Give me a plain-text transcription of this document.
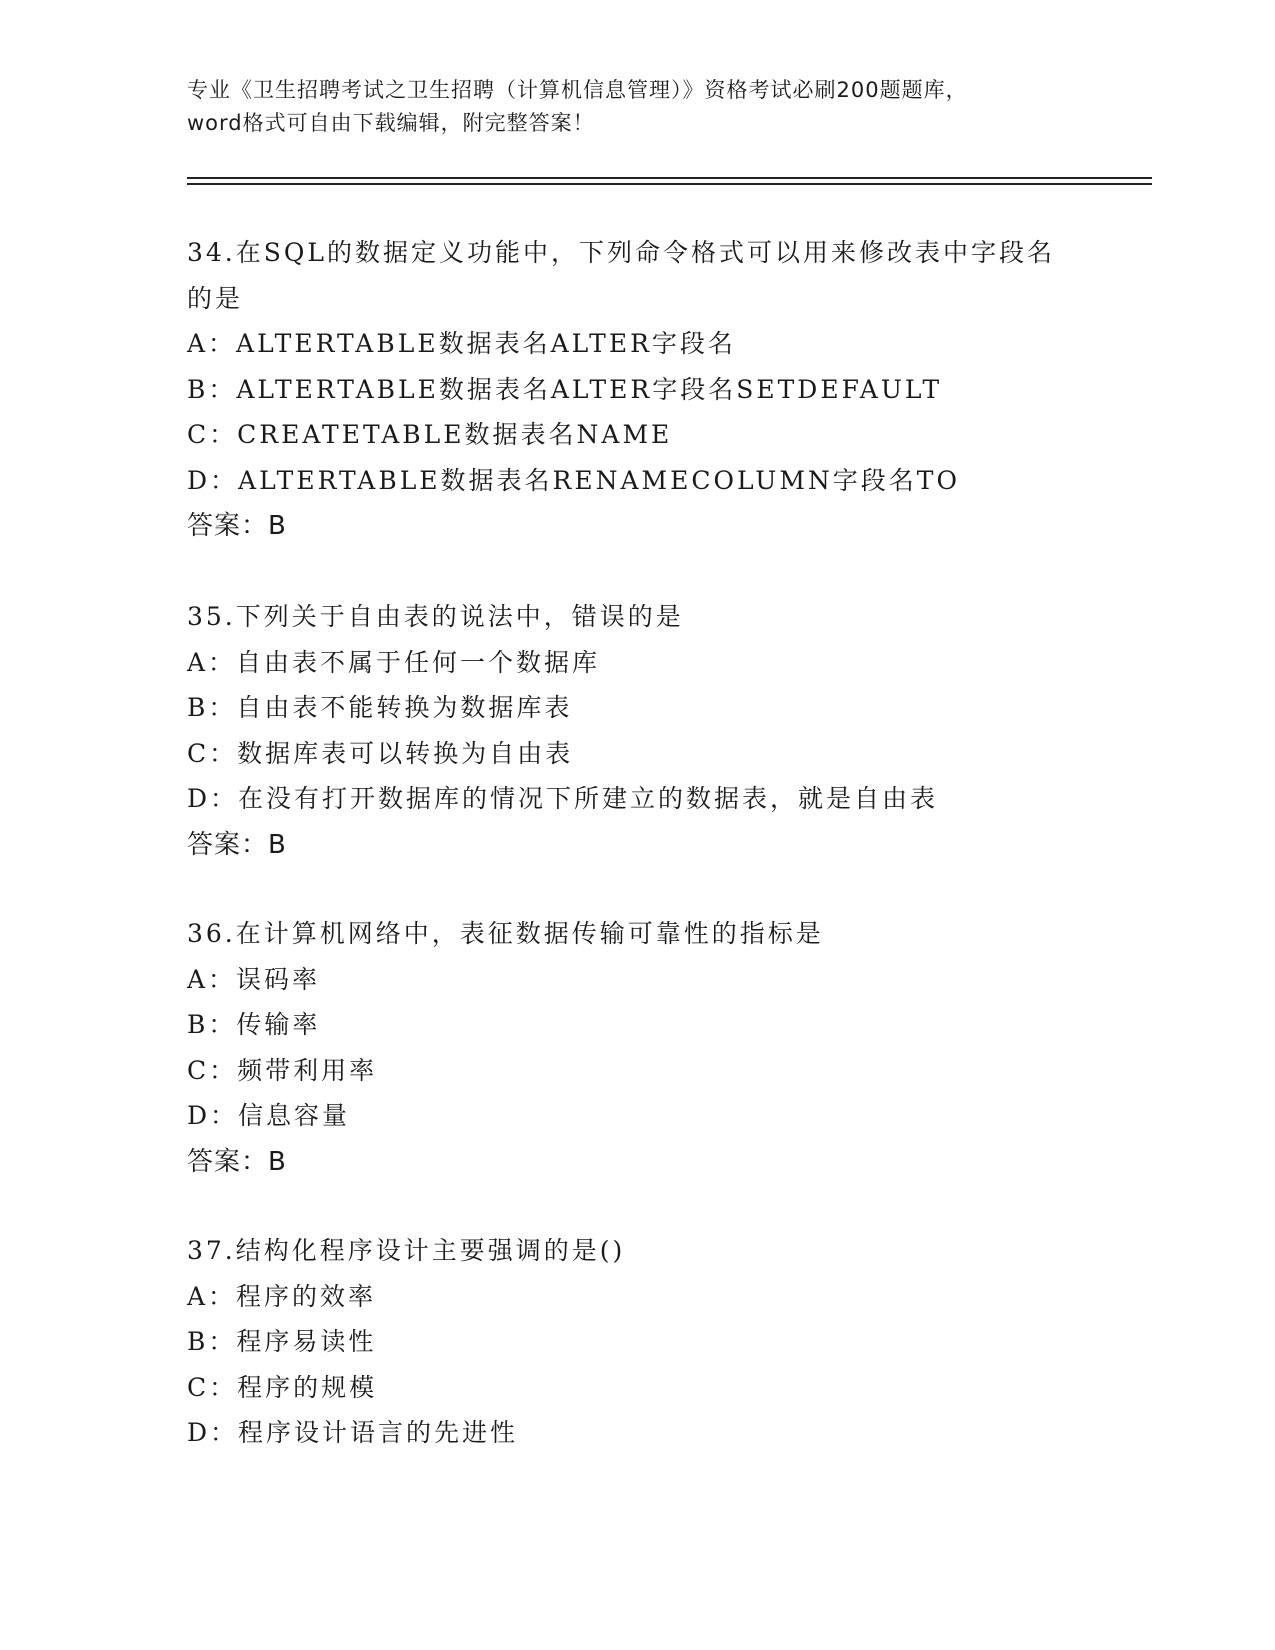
专业《卫生招聘考试之卫生招聘（计算机信息管理）》资格考试必刷200题题库，
word格式可自由下载编辑，附完整答案！
34.在SQL的数据定义功能中，下列命令格式可以用来修改表中字段名
的是
A：ALTERTABLE数据表名ALTER字段名
B：ALTERTABLE数据表名ALTER字段名SETDEFAULT
C：CREATETABLE数据表名NAME
D：ALTERTABLE数据表名RENAMECOLUMN字段名TO
答案：B
35.下列关于自由表的说法中，错误的是
A：自由表不属于任何一个数据库
B：自由表不能转换为数据库表
C：数据库表可以转换为自由表
D：在没有打开数据库的情况下所建立的数据表，就是自由表
答案：B
36.在计算机网络中，表征数据传输可靠性的指标是
A：误码率
B：传输率
C：频带利用率
D：信息容量
答案：B
37.结构化程序设计主要强调的是()
A：程序的效率
B：程序易读性
C：程序的规模
D：程序设计语言的先进性
